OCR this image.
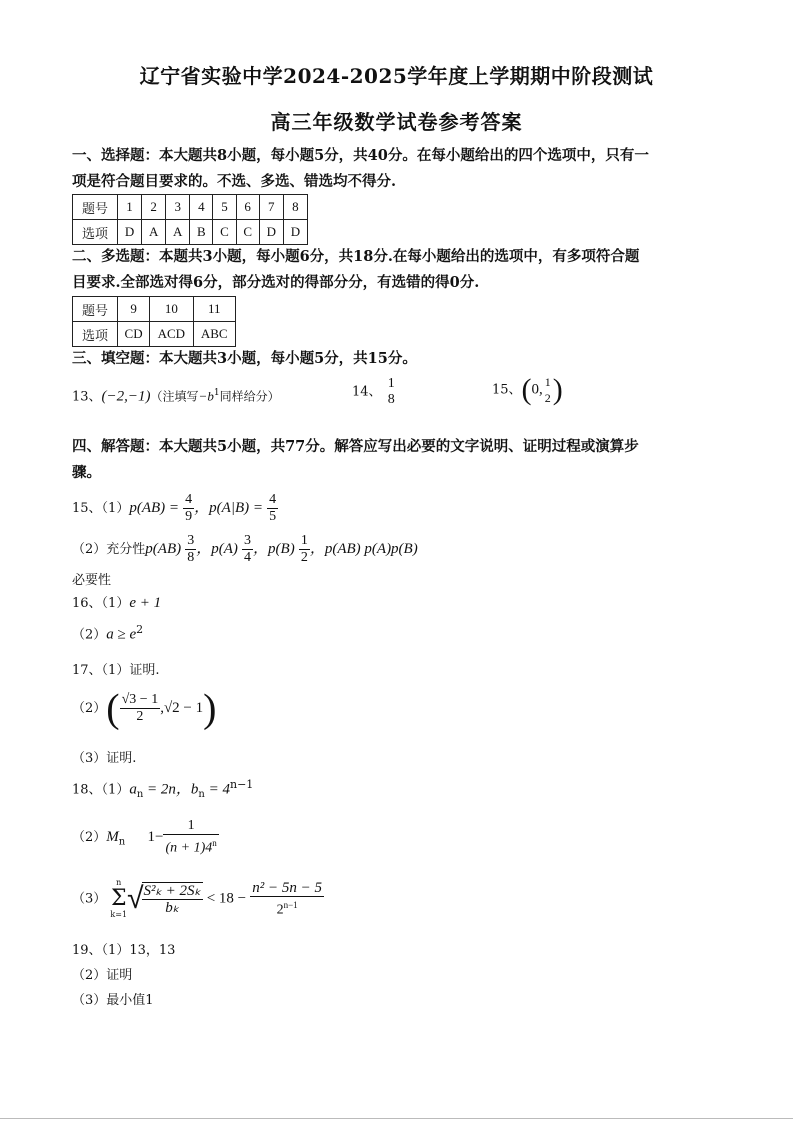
辽宁省实验中学2024-2025学年度上学期期中阶段测试
高三年级数学试卷参考答案
一、选择题：本大题共8小题，每小题5分，共40分。在每小题给出的四个选项中，只有一
项是符合题目要求的。不选、多选、错选均不得分.
题号	1	2	3	4	5	6	7	8
选项	D	A	A	B	C	C	D	D
二、多选题：本题共3小题，每小题6分，共18分.在每小题给出的选项中，有多项符合题
目要求.全部选对得6分，部分选对的得部分分，有选错的得0分.
题号	9	10	11
选项	CD	ACD	ABC
三、填空题：本大题共3小题，每小题5分，共15分。
13、(−2,−1)（注填写$-b^1$同样给分）	14、
1
8
15、(0, 1
2 )
四、解答题：本大题共5小题，共77分。解答应写出必要的文字说明、证明过程或演算步
骤。
15、$(1)p(AB) = \frac{4}{9}$ ，$p(A|B) = \frac{4}{5}$
（2）充分性$p(AB) \frac{3}{8}$ ，$p(A) \frac{3}{4}$ ，$p(B) \frac{1}{2}$ ，p(AB) p(A)p(B)
必要性
16、（1）e + 1
$(2)a \ge e^2$
17、（1）证明.
$(2)( \frac{√3 - 1}{2} ,√2 - 1)$
（3）证明.
18、$(1)a_n = 2n$，$b_n = 4^{n-1}$
$(2)M_n$ $1- \frac{1}{(n + 1)4^n}$
（3）
n
Σ
k=1 √
$\frac{\text{S²ₖ + 2Sₖ}}{\text{bₖ}} < 18 - \frac{\text{n² − 5n − 5}}{2^{n-1}}$
19、（1）13，13
（2）证明
（3）最小值1
